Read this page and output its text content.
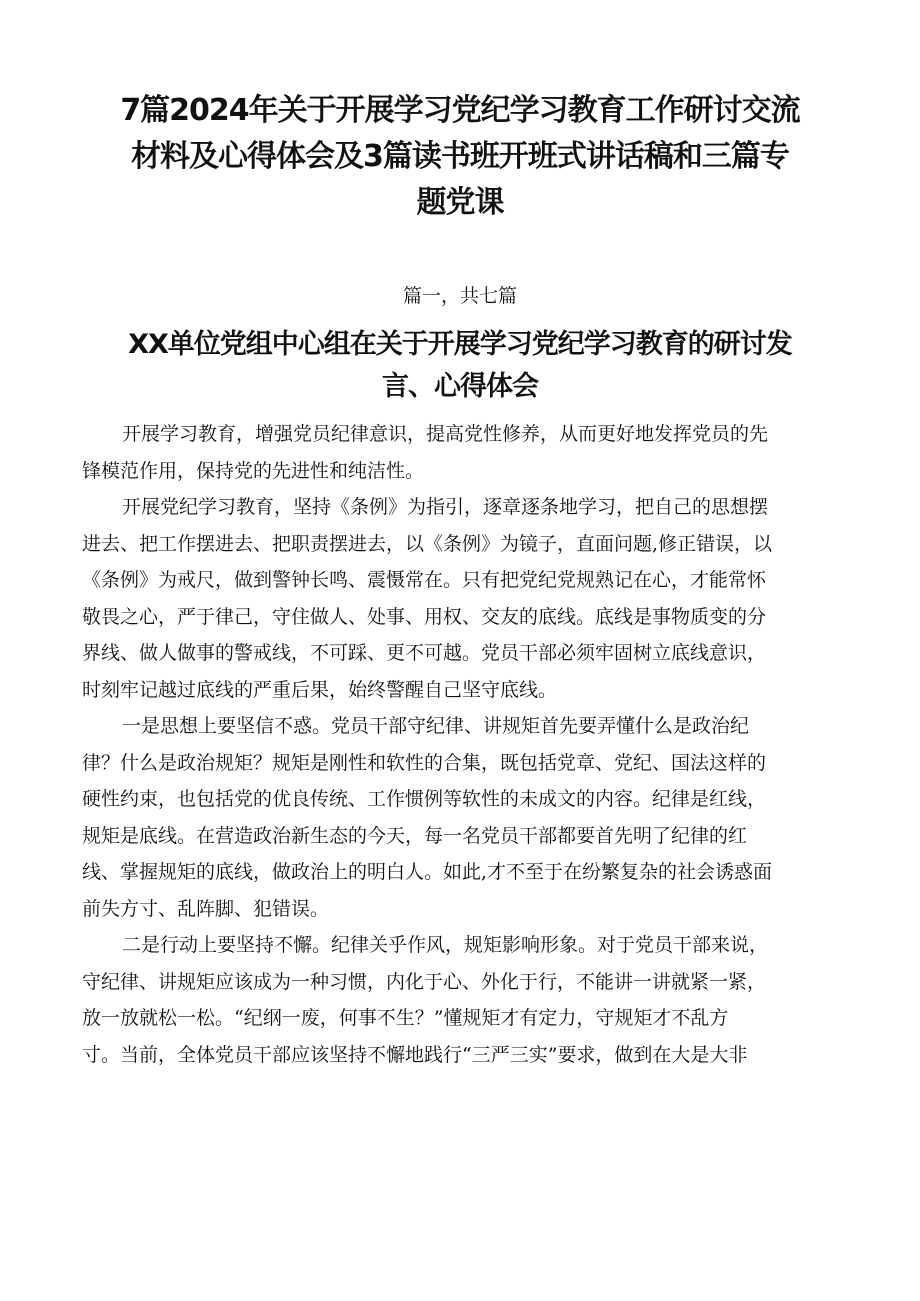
7篇2024年关于开展学习党纪学习教育工作研讨交流
材料及心得体会及3篇读书班开班式讲话稿和三篇专
题党课
篇一，共七篇
XX单位党组中心组在关于开展学习党纪学习教育的研讨发
言、心得体会

开展学习教育，增强党员纪律意识，提高党性修养，从而更好地发挥党员的先
锋模范作用，保持党的先进性和纯洁性。

开展党纪学习教育，坚持《条例》为指引，逐章逐条地学习，把自己的思想摆
进去、把工作摆进去、把职责摆进去，以《条例》为镜子，直面问题,修正错误，以
《条例》为戒尺，做到警钟长鸣、震慑常在。只有把党纪党规熟记在心，才能常怀
敬畏之心，严于律己，守住做人、处事、用权、交友的底线。底线是事物质变的分
界线、做人做事的警戒线，不可踩、更不可越。党员干部必须牢固树立底线意识，
时刻牢记越过底线的严重后果，始终警醒自己坚守底线。

一是思想上要坚信不惑。党员干部守纪律、讲规矩首先要弄懂什么是政治纪
律？什么是政治规矩？规矩是刚性和软性的合集，既包括党章、党纪、国法这样的
硬性约束，也包括党的优良传统、工作惯例等软性的未成文的内容。纪律是红线，
规矩是底线。在营造政治新生态的今天，每一名党员干部都要首先明了纪律的红
线、掌握规矩的底线，做政治上的明白人。如此,才不至于在纷繁复杂的社会诱惑面
前失方寸、乱阵脚、犯错误。

二是行动上要坚持不懈。纪律关乎作风，规矩影响形象。对于党员干部来说，
守纪律、讲规矩应该成为一种习惯，内化于心、外化于行，不能讲一讲就紧一紧，
放一放就松一松。“纪纲一废，何事不生？”懂规矩才有定力，守规矩才不乱方
寸。当前，全体党员干部应该坚持不懈地践行“三严三实”要求，做到在大是大非
